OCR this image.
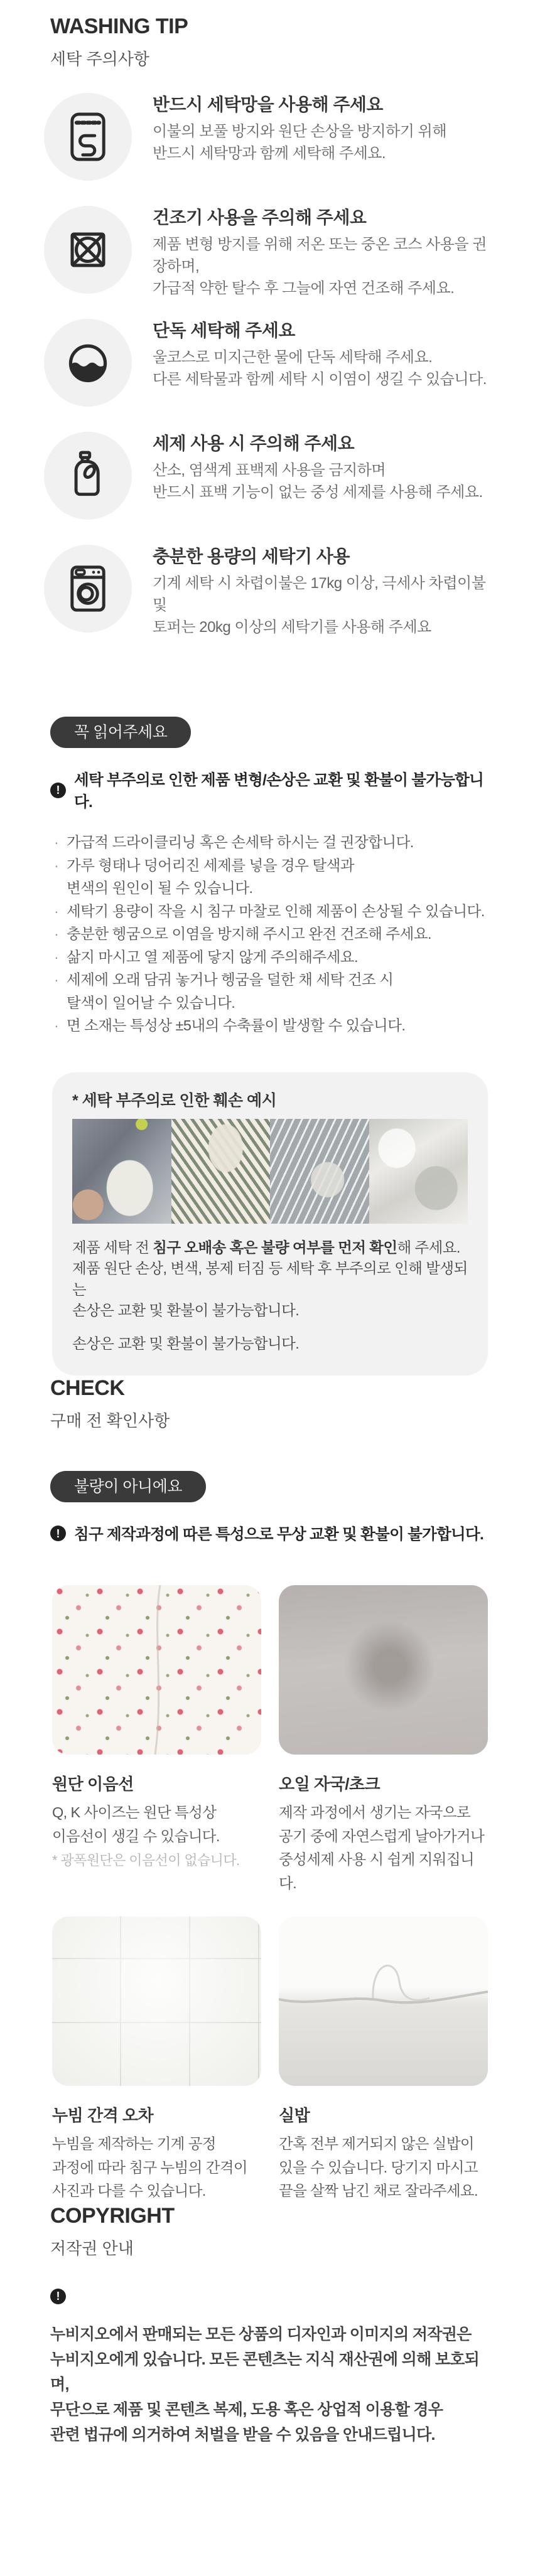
WASHING TIP
세탁 주의사항
반드시 세탁망을 사용해 주세요
이불의 보풀 방지와 원단 손상을 방지하기 위해
반드시 세탁망과 함께 세탁해 주세요.
건조기 사용을 주의해 주세요
제품 변형 방지를 위해 저온 또는 중온 코스 사용을 권장하며,
가급적 약한 탈수 후 그늘에 자연 건조해 주세요.
단독 세탁해 주세요
울코스로 미지근한 물에 단독 세탁해 주세요.
다른 세탁물과 함께 세탁 시 이염이 생길 수 있습니다.
세제 사용 시 주의해 주세요
산소, 염색계 표백제 사용을 금지하며
반드시 표백 기능이 없는 중성 세제를 사용해 주세요.
충분한 용량의 세탁기 사용
기계 세탁 시 차렵이불은 17kg 이상, 극세사 차렵이불 및
토퍼는 20kg 이상의 세탁기를 사용해 주세요
꼭 읽어주세요
!
세탁 부주의로 인한 제품 변형/손상은 교환 및 환불이 불가능합니다.
· 가급적 드라이클리닝 혹은 손세탁 하시는 걸 권장합니다.
· 가루 형태나 덩어리진 세제를 넣을 경우 탈색과
변색의 원인이 될 수 있습니다.
· 세탁기 용량이 작을 시 침구 마찰로 인해 제품이 손상될 수 있습니다.
· 충분한 헹굼으로 이염을 방지해 주시고 완전 건조해 주세요.
· 삶지 마시고 열 제품에 닿지 않게 주의해주세요.
· 세제에 오래 담궈 놓거나 헹굼을 덜한 채 세탁 건조 시
탈색이 일어날 수 있습니다.
· 면 소재는 특성상 ±5내의 수축률이 발생할 수 있습니다.
* 세탁 부주의로 인한 훼손 예시
제품 세탁 전 침구 오배송 혹은 불량 여부를 먼저 확인해 주세요.
제품 원단 손상, 변색, 봉제 터짐 등 세탁 후 부주의로 인해 발생되는
손상은 교환 및 환불이 불가능합니다.
손상은 교환 및 환불이 불가능합니다.
CHECK
구매 전 확인사항
불량이 아니에요
!
침구 제작과정에 따른 특성으로 무상 교환 및 환불이 불가합니다.
원단 이음선
Q, K 사이즈는 원단 특성상
이음선이 생길 수 있습니다.
* 광폭원단은 이음선이 없습니다.
오일 자국/초크
제작 과정에서 생기는 자국으로
공기 중에 자연스럽게 날아가거나
중성세제 사용 시 쉽게 지워집니다.
누빔 간격 오차
누빔을 제작하는 기계 공정
과정에 따라 침구 누빔의 간격이
사진과 다를 수 있습니다.
실밥
간혹 전부 제거되지 않은 실밥이
있을 수 있습니다. 당기지 마시고
끝을 살짝 남긴 채로 잘라주세요.
COPYRIGHT
저작권 안내
!
누비지오에서 판매되는 모든 상품의 디자인과 이미지의 저작권은
누비지오에게 있습니다. 모든 콘텐츠는 지식 재산권에 의해 보호되며,
무단으로 제품 및 콘텐츠 복제, 도용 혹은 상업적 이용할 경우
관련 법규에 의거하여 처벌을 받을 수 있음을 안내드립니다.
